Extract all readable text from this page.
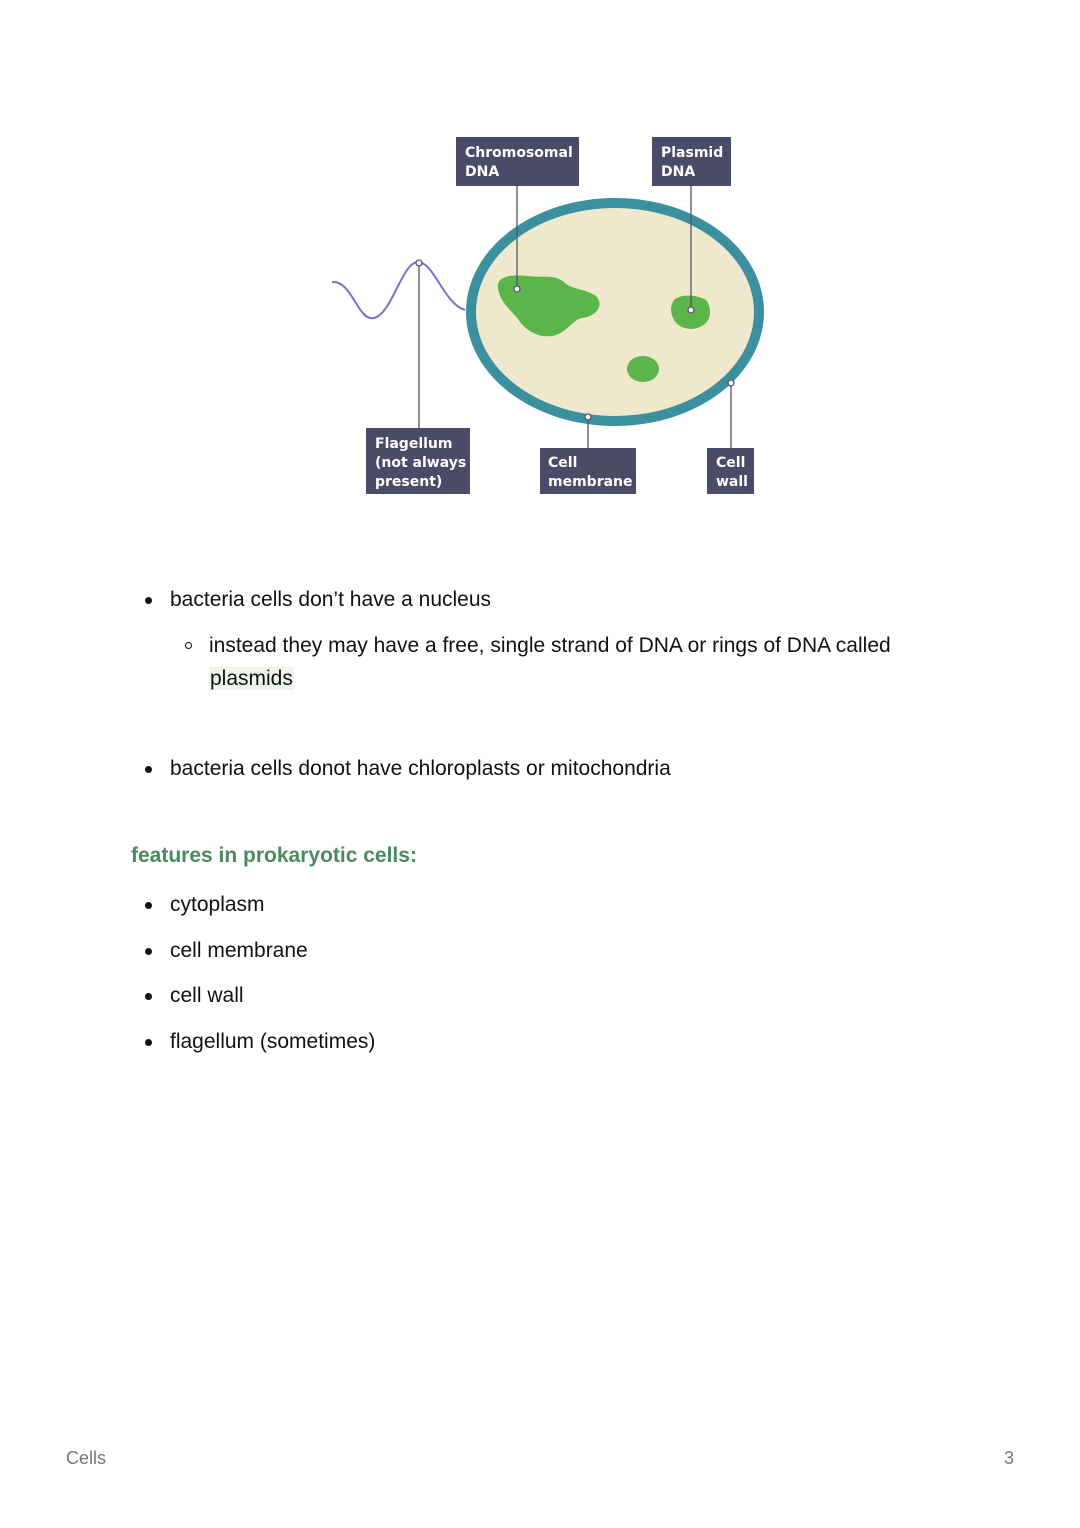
Chromosomal DNA
Plasmid DNA
Flagellum (not always present)
Cell membrane
Cell wall
bacteria cells don’t have a nucleus
instead they may have a free, single strand of DNA or rings of DNA called plasmids
bacteria cells donot have chloroplasts or mitochondria
features in prokaryotic cells:
cytoplasm
cell membrane
cell wall
flagellum (sometimes)
Cells	3
